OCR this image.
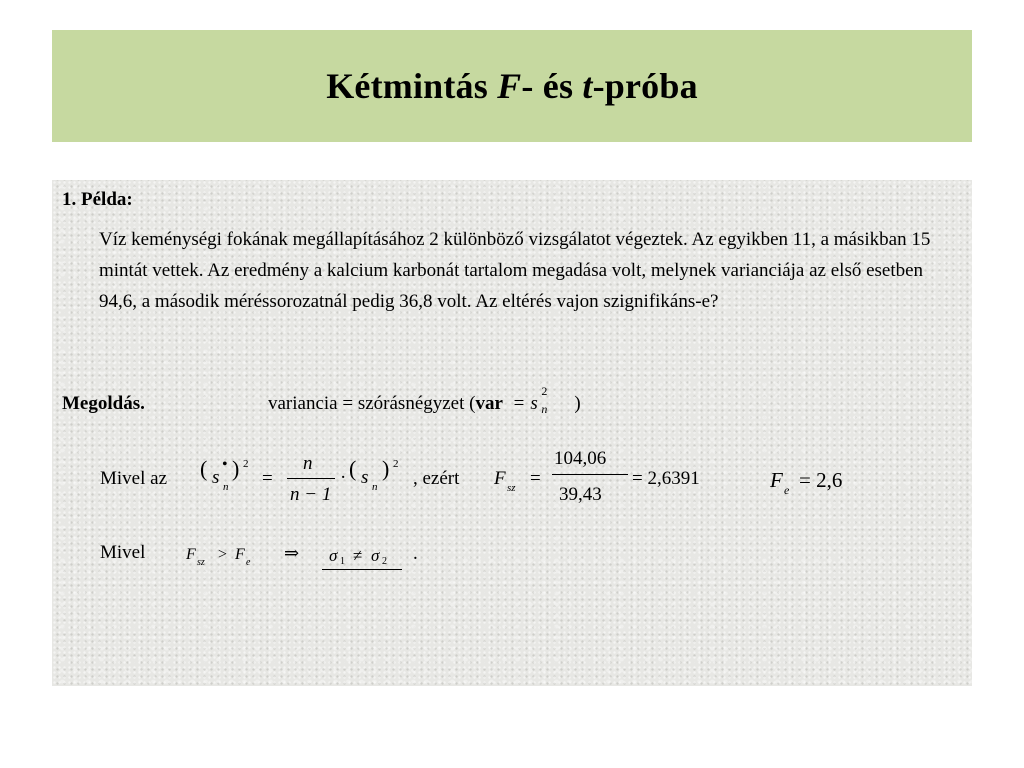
Kétmintás F- és t-próba
1. Példa:
Víz keménységi fokának megállapításához 2 különböző vizsgálatot végeztek. Az egyikben 11, a másikban 15 mintát vettek. Az eredmény a kalcium karbonát tartalom megadása volt, melynek varianciája az első esetben 94,6, a második méréssorozatnál pedig 36,8 volt. Az eltérés vajon szignifikáns-e?
Megoldás.	variancia = szórásnégyzet (var = s
2
n )
Mivel az ( s
•
n
) 2
=
n
n − 1
· ( s n
) 2
, ezért F sz =
104,06
39,43
= 2,6391	F e = 2,6
Mivel	F sz > F e ⇒ σ 1 ≠ σ 2 .
